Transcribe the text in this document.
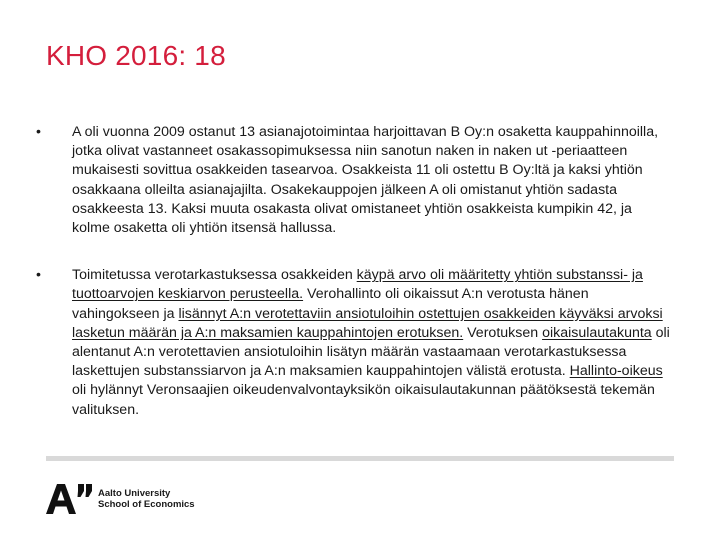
KHO 2016: 18
•	A oli vuonna 2009 ostanut 13 asianajotoimintaa harjoittavan B Oy:n osaketta kauppahinnoilla, jotka olivat vastanneet osakassopimuksessa niin sanotun naken in naken ut -periaatteen mukaisesti sovittua osakkeiden tasearvoa. Osakkeista 11 oli ostettu B Oy:ltä ja kaksi yhtiön osakkaana olleilta asianajajilta. Osakekauppojen jälkeen A oli omistanut yhtiön sadasta osakkeesta 13. Kaksi muuta osakasta olivat omistaneet yhtiön osakkeista kumpikin 42, ja kolme osaketta oli yhtiön itsensä hallussa.
•	Toimitetussa verotarkastuksessa osakkeiden käypä arvo oli määritetty yhtiön substanssi- ja tuottoarvojen keskiarvon perusteella. Verohallinto oli oikaissut A:n verotusta hänen vahingokseen ja lisännyt A:n verotettaviin ansiotuloihin ostettujen osakkeiden käyväksi arvoksi lasketun määrän ja A:n maksamien kauppahintojen erotuksen. Verotuksen oikaisulautakunta oli alentanut A:n verotettavien ansiotuloihin lisätyn määrän vastaamaan verotarkastuksessa laskettujen substanssiarvon ja A:n maksamien kauppahintojen välistä erotusta. Hallinto-oikeus oli hylännyt Veronsaajien oikeudenvalvontayksikön oikaisulautakunnan päätöksestä tekemän valituksen.
Aalto University
School of Economics
